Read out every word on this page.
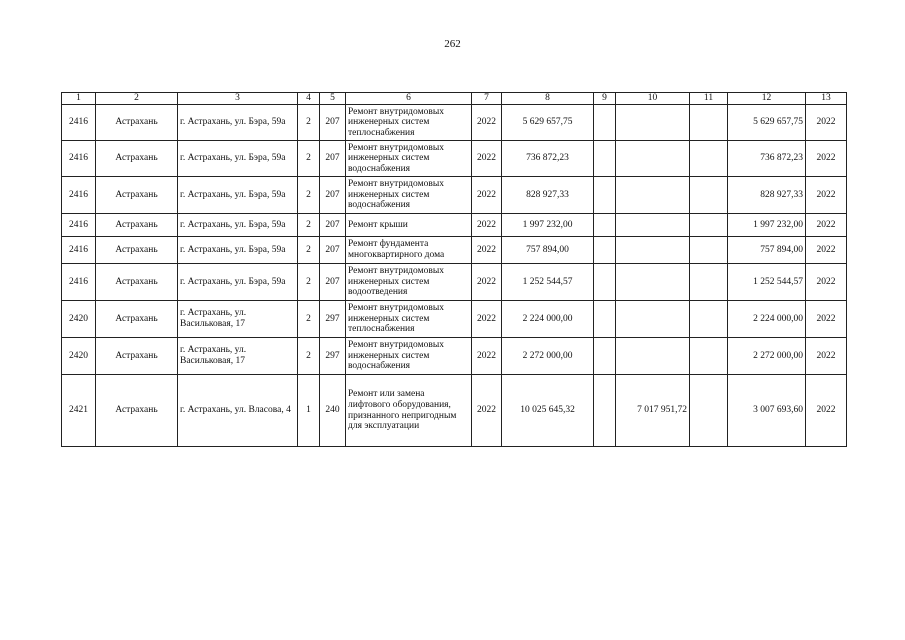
262
1	2	3	4	5	6	7	8	9	10	11	12	13
2416	Астрахань	г. Астрахань, ул. Бэра, 59а	2	207	Ремонт внутридомовых инженерных систем теплоснабжения	2022	5 629 657,75				5 629 657,75	2022
2416	Астрахань	г. Астрахань, ул. Бэра, 59а	2	207	Ремонт внутридомовых инженерных систем водоснабжения	2022	736 872,23				736 872,23	2022
2416	Астрахань	г. Астрахань, ул. Бэра, 59а	2	207	Ремонт внутридомовых инженерных систем водоснабжения	2022	828 927,33				828 927,33	2022
2416	Астрахань	г. Астрахань, ул. Бэра, 59а	2	207	Ремонт крыши	2022	1 997 232,00				1 997 232,00	2022
2416	Астрахань	г. Астрахань, ул. Бэра, 59а	2	207	Ремонт фундамента многоквартирного дома	2022	757 894,00				757 894,00	2022
2416	Астрахань	г. Астрахань, ул. Бэра, 59а	2	207	Ремонт внутридомовых инженерных систем водоотведения	2022	1 252 544,57				1 252 544,57	2022
2420	Астрахань	г. Астрахань, ул. Васильковая, 17	2	297	Ремонт внутридомовых инженерных систем теплоснабжения	2022	2 224 000,00				2 224 000,00	2022
2420	Астрахань	г. Астрахань, ул. Васильковая, 17	2	297	Ремонт внутридомовых инженерных систем водоснабжения	2022	2 272 000,00				2 272 000,00	2022
2421	Астрахань	г. Астрахань, ул. Власова, 4	1	240	Ремонт или замена лифтового оборудования, признанного непригодным для эксплуатации	2022	10 025 645,32		7 017 951,72		3 007 693,60	2022
